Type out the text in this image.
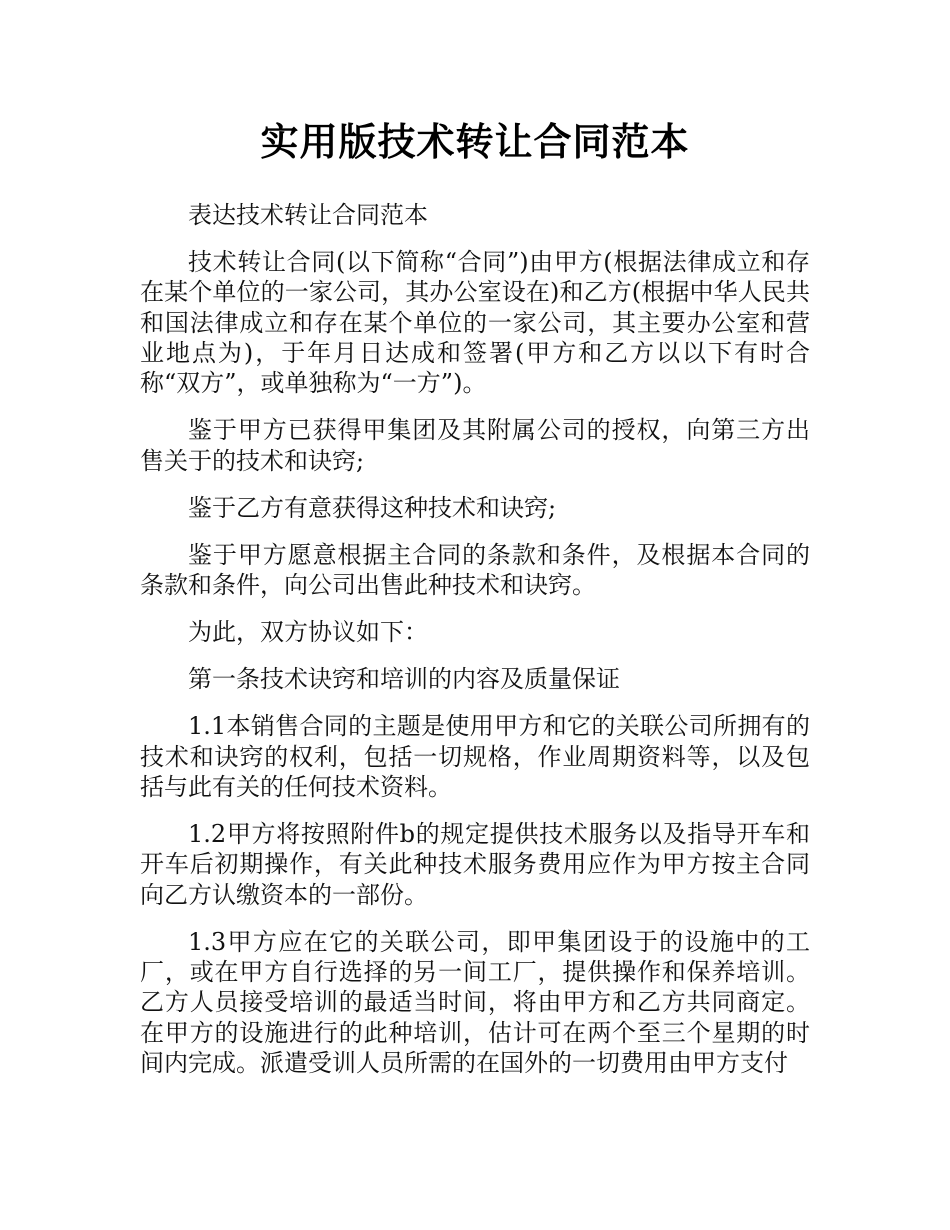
实用版技术转让合同范本

表达技术转让合同范本

技术转让合同(以下简称“合同”)由甲方(根据法律成立和存在某个单位的一家公司，其办公室设在)和乙方(根据中华人民共和国法律成立和存在某个单位的一家公司，其主要办公室和营业地点为)，于年月日达成和签署(甲方和乙方以以下有时合称“双方”，或单独称为“一方”)。

鉴于甲方已获得甲集团及其附属公司的授权，向第三方出售关于的技术和诀窍;

鉴于乙方有意获得这种技术和诀窍;

鉴于甲方愿意根据主合同的条款和条件，及根据本合同的条款和条件，向公司出售此种技术和诀窍。

为此，双方协议如下：

第一条技术诀窍和培训的内容及质量保证

1.1本销售合同的主题是使用甲方和它的关联公司所拥有的技术和诀窍的权利，包括一切规格，作业周期资料等，以及包括与此有关的任何技术资料。

1.2甲方将按照附件b的规定提供技术服务以及指导开车和开车后初期操作，有关此种技术服务费用应作为甲方按主合同向乙方认缴资本的一部份。

1.3甲方应在它的关联公司，即甲集团设于的设施中的工厂，或在甲方自行选择的另一间工厂，提供操作和保养培训。乙方人员接受培训的最适当时间，将由甲方和乙方共同商定。在甲方的设施进行的此种培训，估计可在两个至三个星期的时间内完成。派遣受训人员所需的在国外的一切费用由甲方支付
